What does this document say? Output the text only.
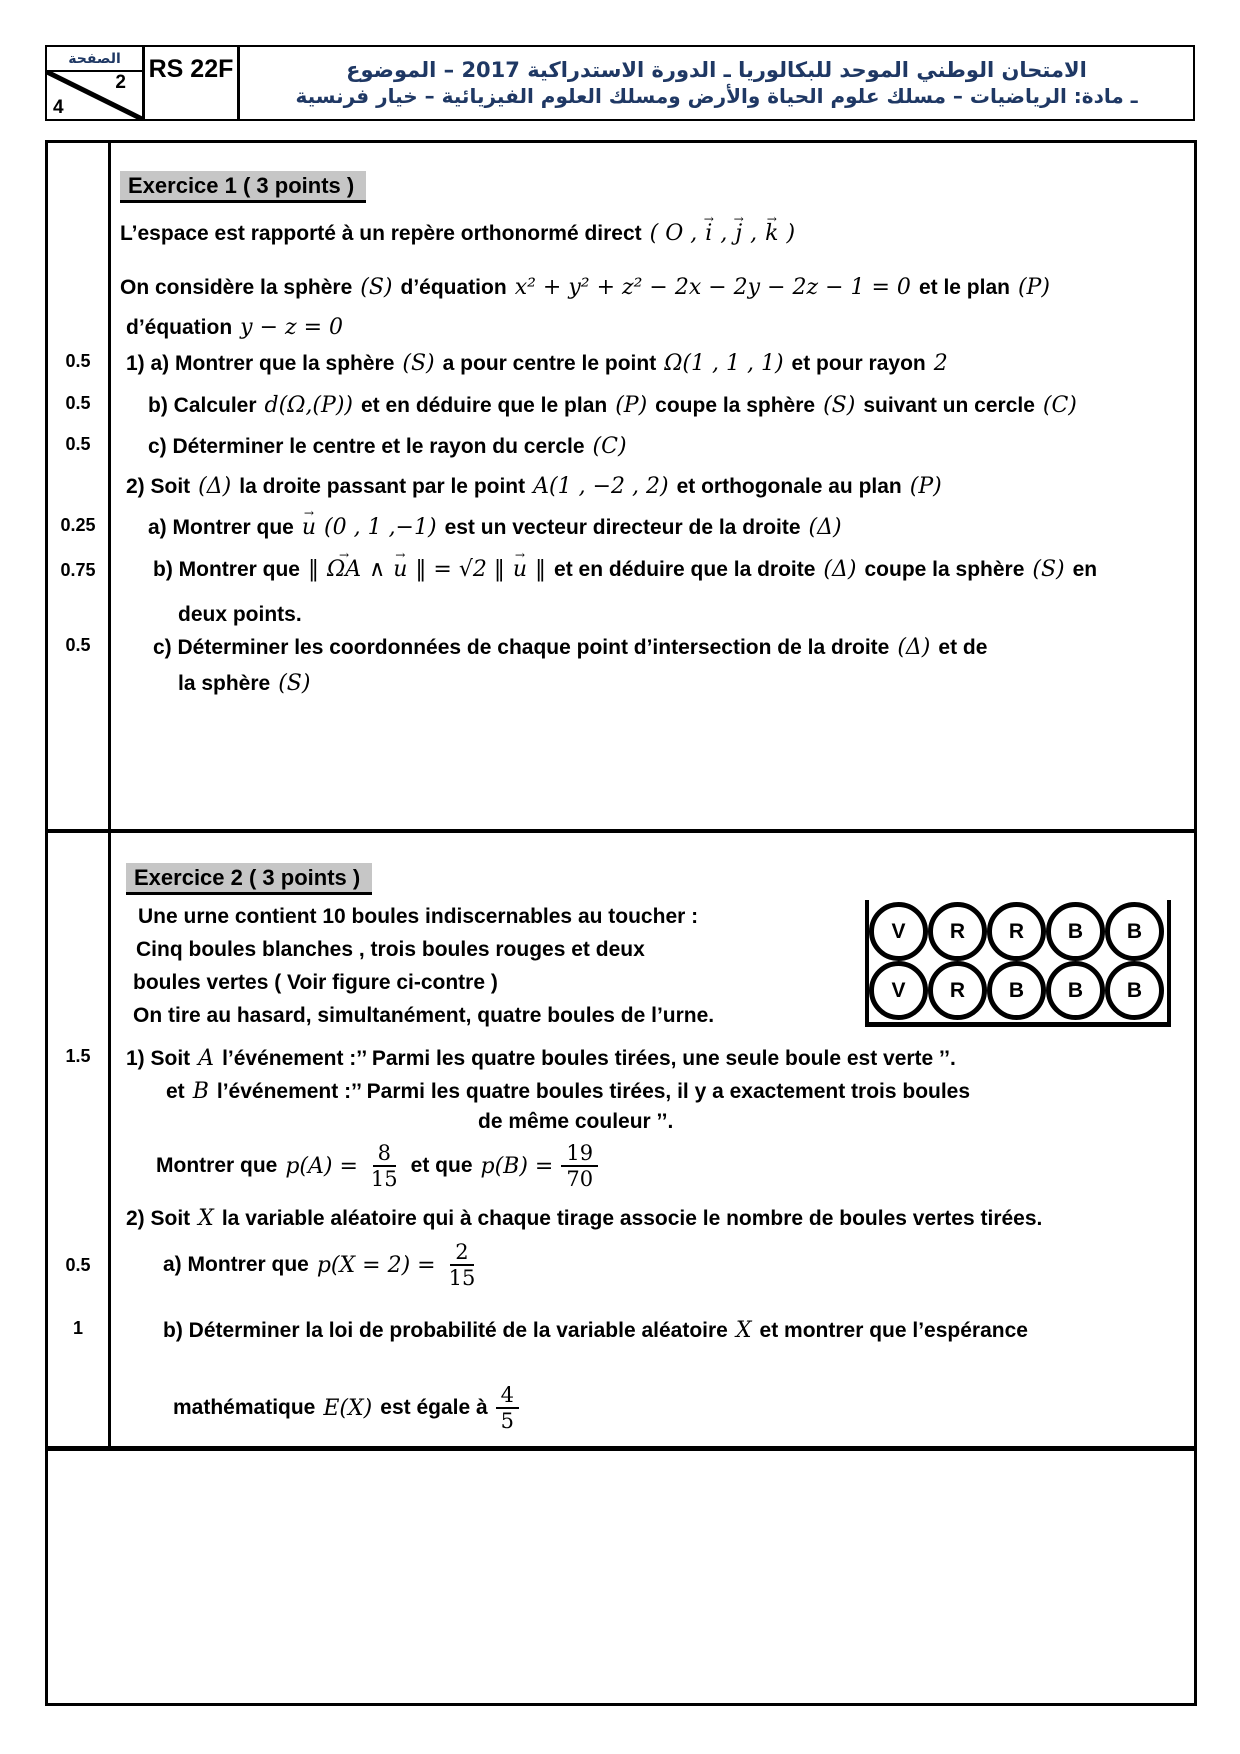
الصفحة
2
4
RS 22F	الامتحان الوطني الموحد للبكالوريا ـ الدورة الاستدراكية 2017 – الموضوع
ـ مادة: الرياضيات – مسلك علوم الحياة والأرض ومسلك العلوم الفيزيائية – خيار فرنسية
Exercice 1 ( 3 points )
L’espace est rapporté à un repère orthonormé direct ( O , i → , j → , k → )
On considère la sphère (S) d’équation x² + y² + z² − 2x − 2y − 2z − 1 = 0 et le plan (P)
d’équation y − z = 0
1) a) Montrer que la sphère (S) a pour centre le point Ω(1 , 1 , 1) et pour rayon 2
b) Calculer d(Ω,(P)) et en déduire que le plan (P) coupe la sphère (S) suivant un cercle (C)
c) Déterminer le centre et le rayon du cercle (C)
2) Soit (Δ) la droite passant par le point A(1 , −2 , 2) et orthogonale au plan (P)
a) Montrer que u → (0 , 1 ,−1) est un vecteur directeur de la droite (Δ)
b) Montrer que ‖ ΩA → ∧ u → ‖ = √2 ‖ u → ‖ et en déduire que la droite (Δ) coupe la sphère (S) en
deux points.
c) Déterminer les coordonnées de chaque point d’intersection de la droite (Δ) et de
la sphère (S)
0.5
0.5
0.5
0.25
0.75
0.5
Exercice 2 ( 3 points )
Une urne contient 10 boules indiscernables au toucher :
Cinq boules blanches , trois boules rouges et deux
boules vertes ( Voir figure ci-contre )
On tire au hasard, simultanément, quatre boules de l’urne.
V	R	R	B	B
V	R	B	B	B
1) Soit A l’événement :’’ Parmi les quatre boules tirées, une seule boule est verte ’’.
et B l’événement :’’ Parmi les quatre boules tirées, il y a exactement trois boules
de même couleur ’’.
Montrer que $p(A) = \frac{8}{15}$ et que $p(B) = \frac{19}{70}$
2) Soit X la variable aléatoire qui à chaque tirage associe le nombre de boules vertes tirées.
a) Montrer que $p(X = 2) = \frac{2}{15}$
b) Déterminer la loi de probabilité de la variable aléatoire X et montrer que l’espérance
mathématique E(X) est égale à $\frac{4}{5}$
1.5
0.5
1
